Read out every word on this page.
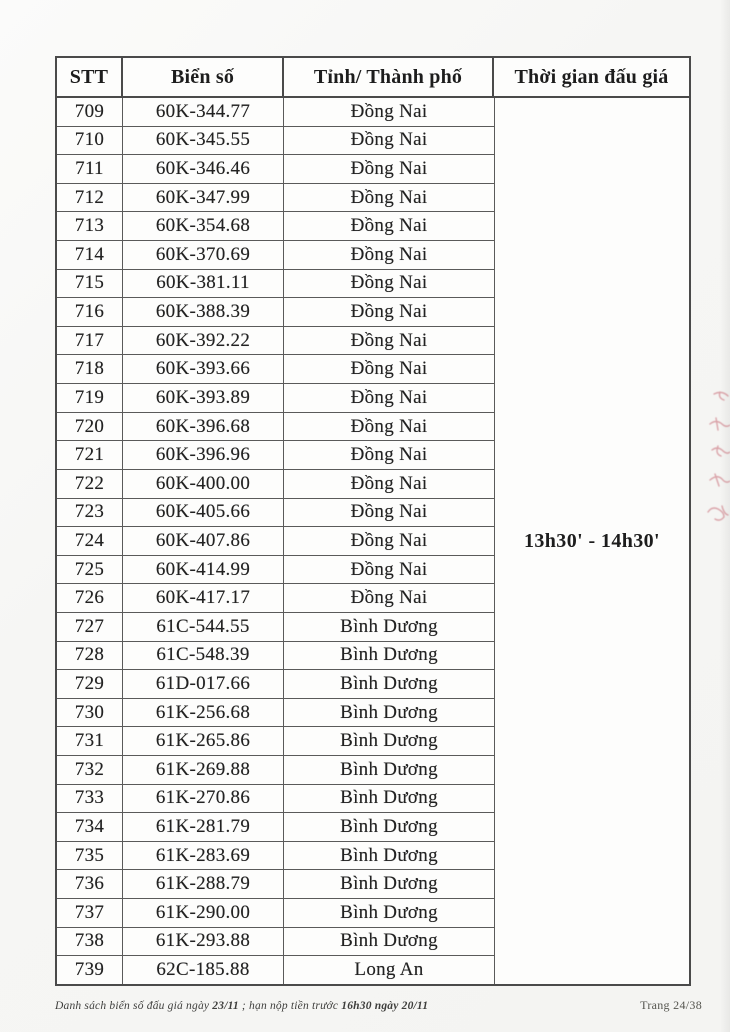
STT	Biển số	Tỉnh/ Thành phố	Thời gian đấu giá
709	60K-344.77	Đồng Nai
710	60K-345.55	Đồng Nai
711	60K-346.46	Đồng Nai
712	60K-347.99	Đồng Nai
713	60K-354.68	Đồng Nai
714	60K-370.69	Đồng Nai
715	60K-381.11	Đồng Nai
716	60K-388.39	Đồng Nai
717	60K-392.22	Đồng Nai
718	60K-393.66	Đồng Nai
719	60K-393.89	Đồng Nai
720	60K-396.68	Đồng Nai
721	60K-396.96	Đồng Nai
722	60K-400.00	Đồng Nai
723	60K-405.66	Đồng Nai
724	60K-407.86	Đồng Nai
725	60K-414.99	Đồng Nai
726	60K-417.17	Đồng Nai
727	61C-544.55	Bình Dương
728	61C-548.39	Bình Dương
729	61D-017.66	Bình Dương
730	61K-256.68	Bình Dương
731	61K-265.86	Bình Dương
732	61K-269.88	Bình Dương
733	61K-270.86	Bình Dương
734	61K-281.79	Bình Dương
735	61K-283.69	Bình Dương
736	61K-288.79	Bình Dương
737	61K-290.00	Bình Dương
738	61K-293.88	Bình Dương
739	62C-185.88	Long An
13h30' - 14h30'
Danh sách biển số đấu giá ngày 23/11 ; hạn nộp tiền trước 16h30 ngày 20/11	Trang 24/38
